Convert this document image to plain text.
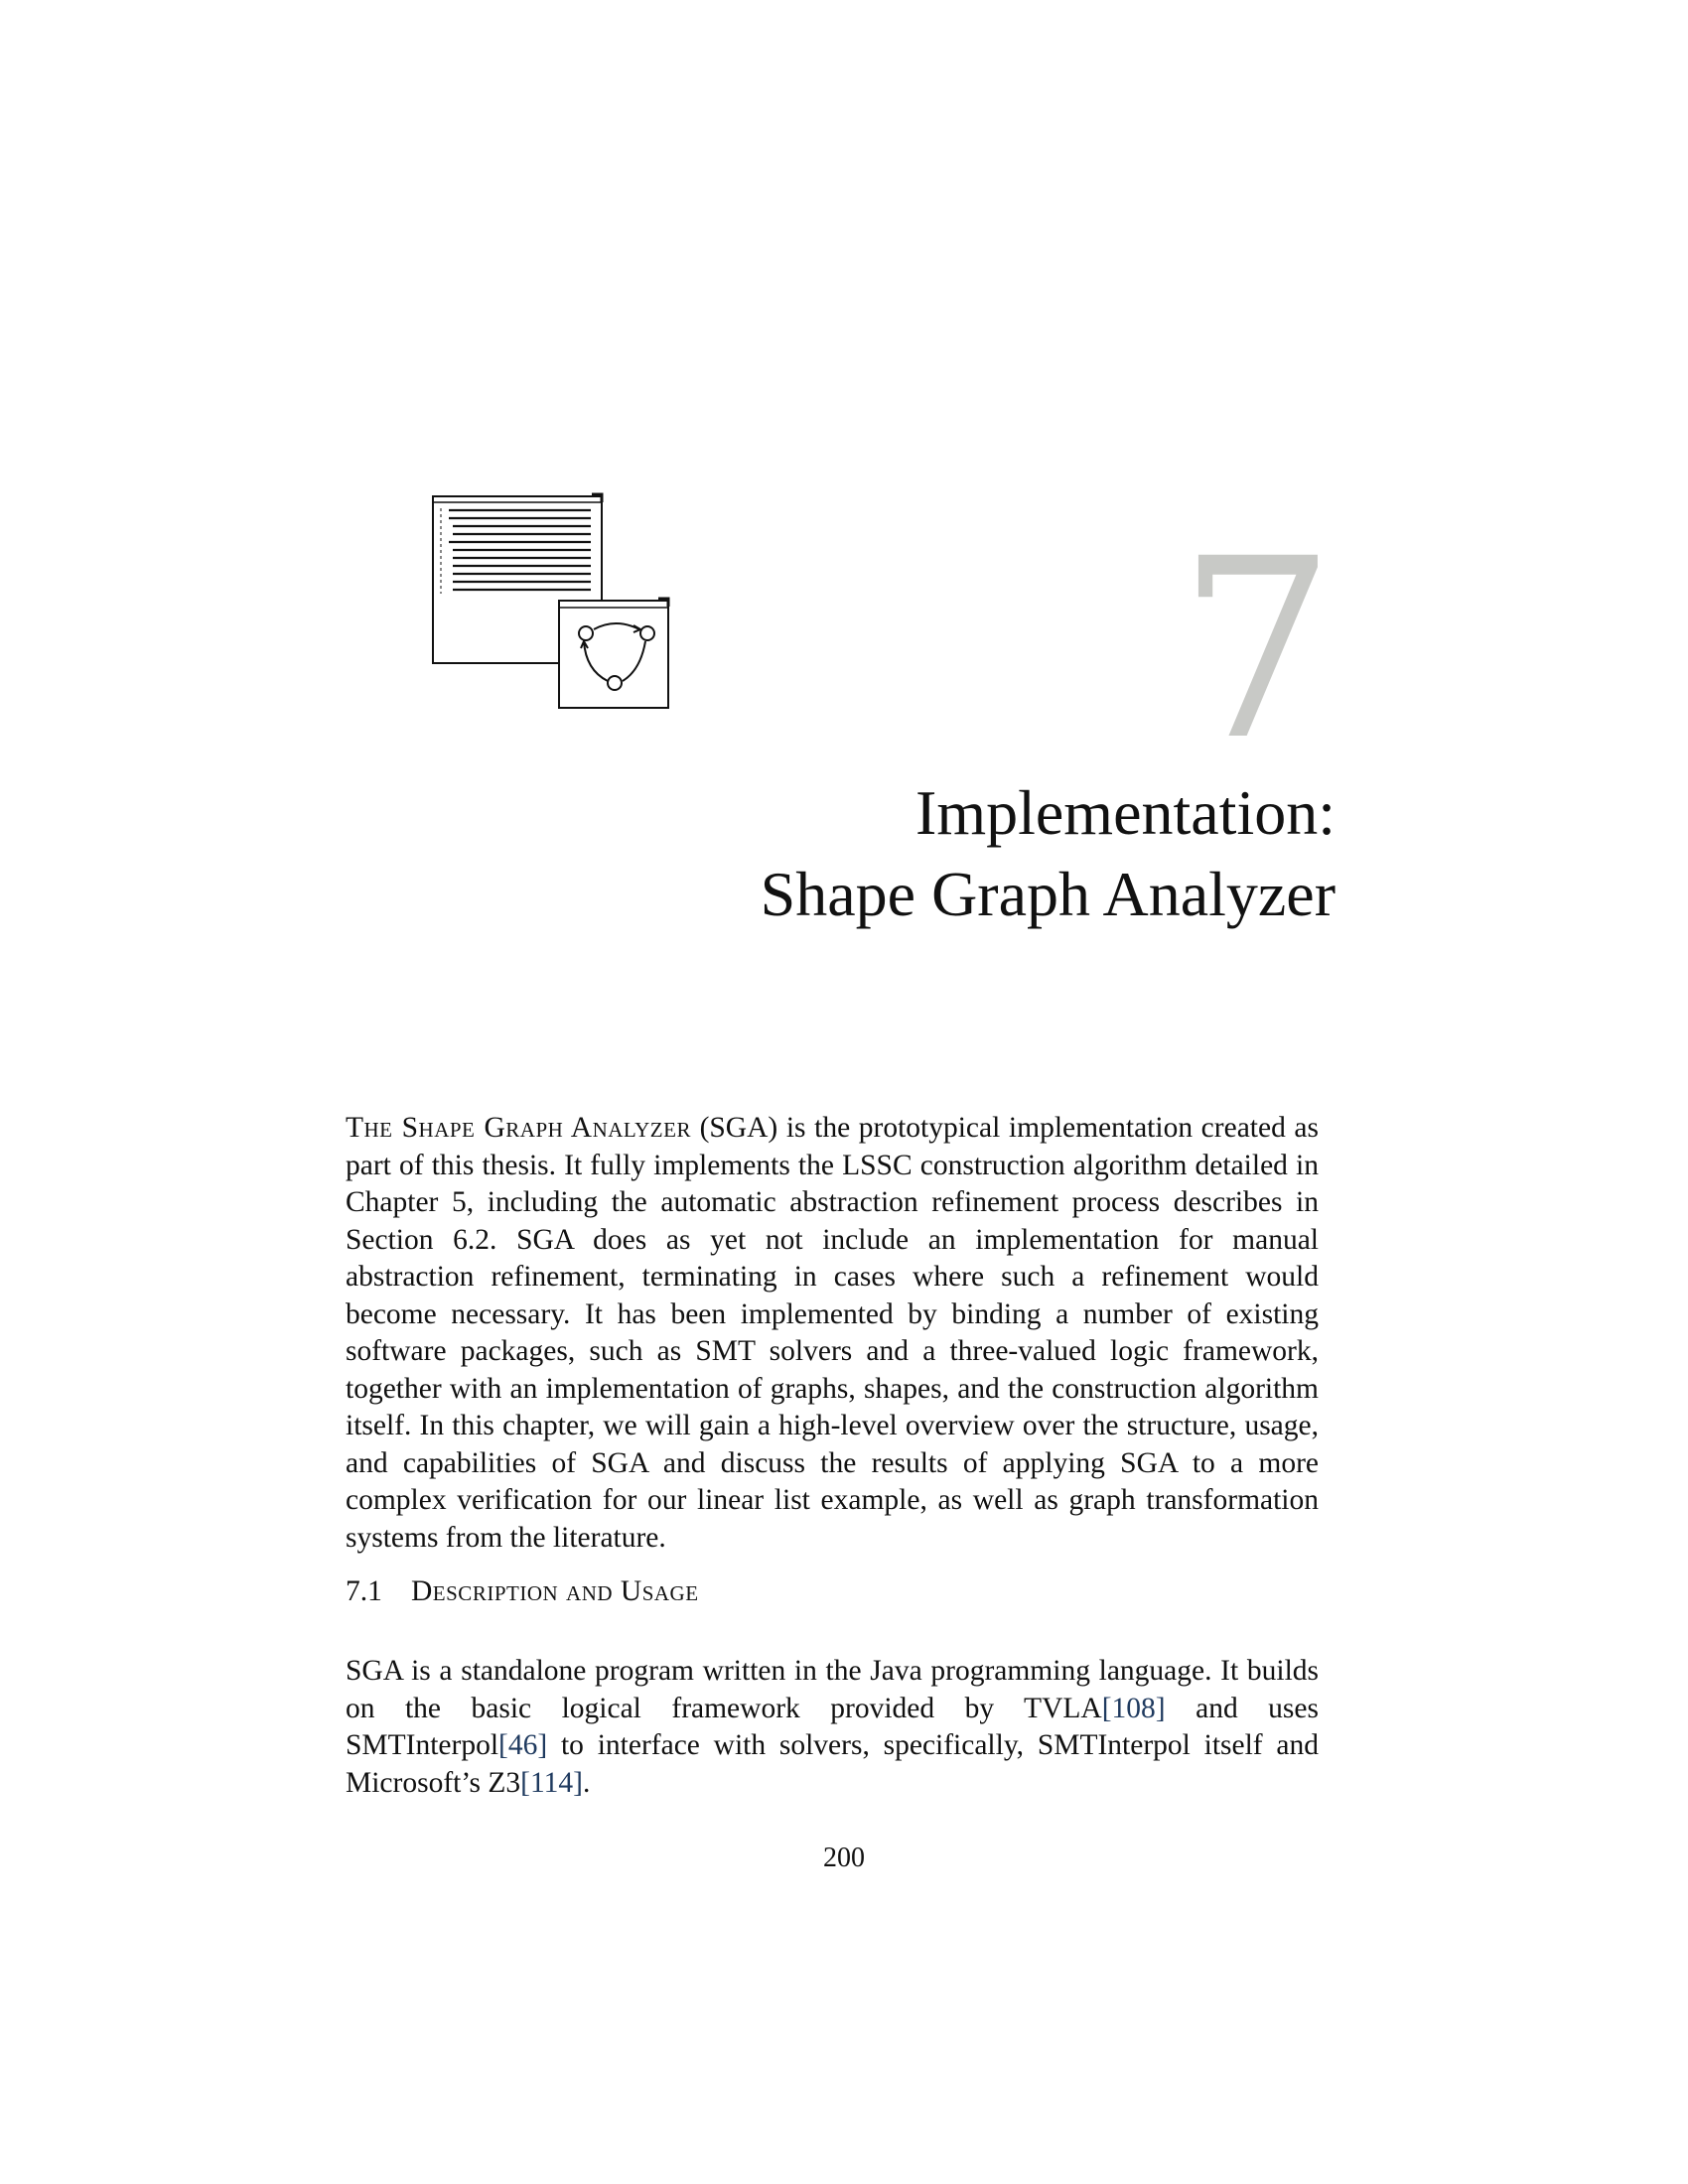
7
Implementation:
Shape Graph Analyzer

The Shape Graph Analyzer (SGA) is the prototypical implementation created as part of this thesis. It fully implements the LSSC construction algorithm detailed in Chapter 5, including the automatic abstraction refinement process describes in Section 6.2. SGA does as yet not include an implementation for manual abstraction refinement, terminating in cases where such a refinement would become necessary. It has been implemented by binding a number of existing software packages, such as SMT solvers and a three-valued logic framework, together with an implementation of graphs, shapes, and the construction algorithm itself. In this chapter, we will gain a high-level overview over the structure, usage, and capabilities of SGA and discuss the results of applying SGA to a more complex verification for our linear list example, as well as graph transformation systems from the literature.

7.1 Description and Usage

SGA is a standalone program written in the Java programming language. It builds on the basic logical framework provided by TVLA[108] and uses SMTInterpol[46] to interface with solvers, specifically, SMTInterpol itself and Microsoft’s Z3[114].

200
